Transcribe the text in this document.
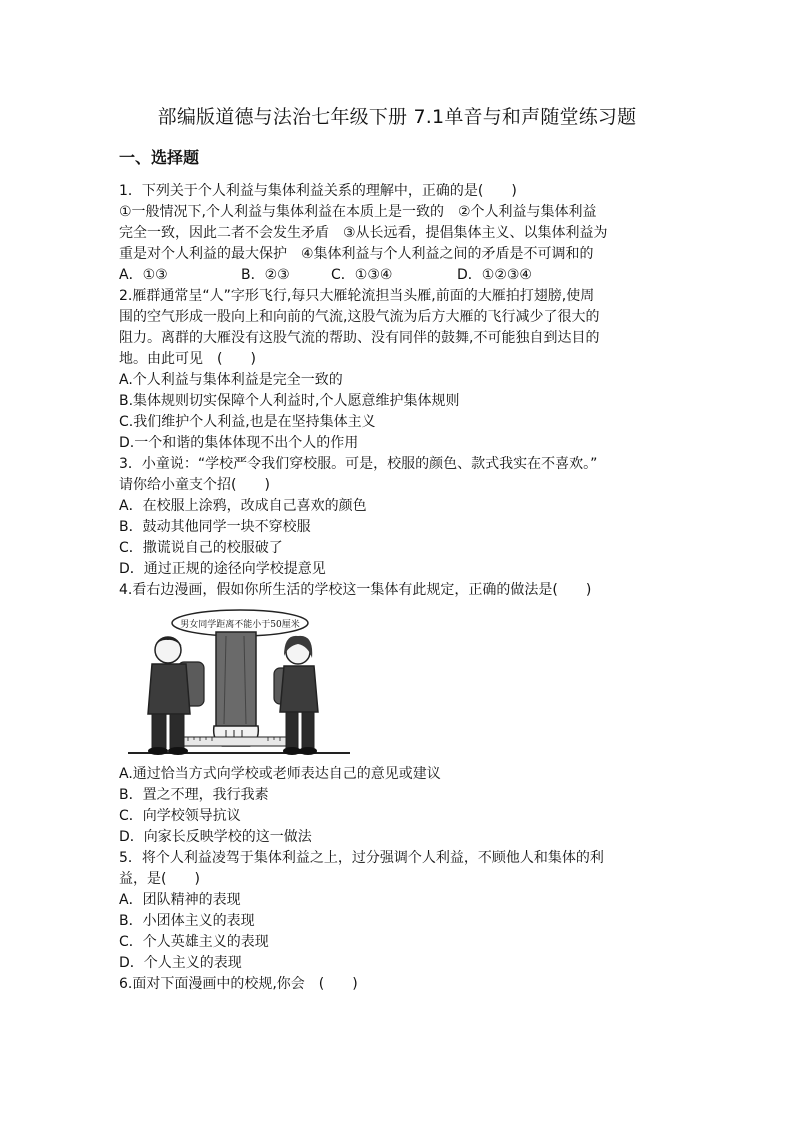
部编版道德与法治七年级下册 7.1单音与和声随堂练习题
一、选择题
1．下列关于个人利益与集体利益关系的理解中，正确的是(　　)
①一般情况下,个人利益与集体利益在本质上是一致的　②个人利益与集体利益
完全一致，因此二者不会发生矛盾　③从长远看，提倡集体主义、以集体利益为
重是对个人利益的最大保护　④集体利益与个人利益之间的矛盾是不可调和的
A．①③	B．②③	C．①③④	D．①②③④
2.雁群通常呈“人”字形飞行,每只大雁轮流担当头雁,前面的大雁拍打翅膀,使周
围的空气形成一股向上和向前的气流,这股气流为后方大雁的飞行减少了很大的
阻力。离群的大雁没有这股气流的帮助、没有同伴的鼓舞,不可能独自到达目的
地。由此可见　(　　)
A.个人利益与集体利益是完全一致的
B.集体规则切实保障个人利益时,个人愿意维护集体规则
C.我们维护个人利益,也是在坚持集体主义
D.一个和谐的集体体现不出个人的作用
3．小童说：“学校严令我们穿校服。可是，校服的颜色、款式我实在不喜欢。”
请你给小童支个招(　　)
A．在校服上涂鸦，改成自己喜欢的颜色
B．鼓动其他同学一块不穿校服
C．撒谎说自己的校服破了
D．通过正规的途径向学校提意见
4.看右边漫画，假如你所生活的学校这一集体有此规定，正确的做法是(　　)
男女同学距离不能小于50厘米
A.通过恰当方式向学校或老师表达自己的意见或建议
B．置之不理，我行我素
C．向学校领导抗议
D．向家长反映学校的这一做法
5．将个人利益凌驾于集体利益之上，过分强调个人利益，不顾他人和集体的利
益，是(　　)
A．团队精神的表现
B．小团体主义的表现
C．个人英雄主义的表现
D．个人主义的表现
6.面对下面漫画中的校规,你会　(　　)
